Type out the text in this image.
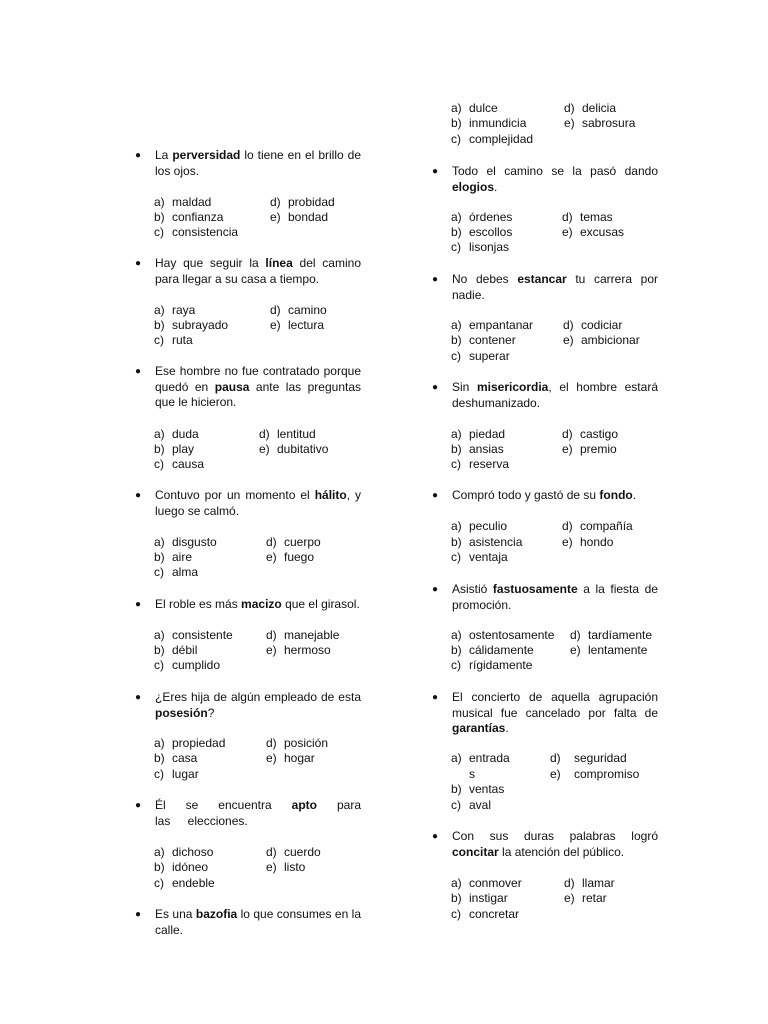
● La perversidad lo tiene en el brillo de los ojos.
a) maldad
b) confianza
c) consistencia
d) probidad
e) bondad
● Hay que seguir la línea del camino para llegar a su casa a tiempo.
a) raya
b) subrayado
c) ruta
d) camino
e) lectura
● Ese hombre no fue contratado porque quedó en pausa ante las preguntas que le hicieron.
a) duda
b) play
c) causa
d) lentitud
e) dubitativo
● Contuvo por un momento el hálito, y luego se calmó.
a) disgusto
b) aire
c) alma
d) cuerpo
e) fuego
● El roble es más macizo que el girasol.
a) consistente
b) débil
c) cumplido
d) manejable
e) hermoso
● ¿Eres hija de algún empleado de esta posesión?
a) propiedad
b) casa
c) lugar
d) posición
e) hogar
● Él se encuentra apto para las elecciones.
a) dichoso
b) idóneo
c) endeble
d) cuerdo
e) listo
● Es una bazofia lo que consumes en la calle.
a) dulce
b) inmundicia
c) complejidad
d) delicia
e) sabrosura
● Todo el camino se la pasó dando elogios.
a) órdenes
b) escollos
c) lisonjas
d) temas
e) excusas
● No debes estancar tu carrera por nadie.
a) empantanar
b) contener
c) superar
d) codiciar
e) ambicionar
● Sin misericordia, el hombre estará deshumanizado.
a) piedad
b) ansias
c) reserva
d) castigo
e) premio
● Compró todo y gastó de su fondo.
a) peculio
b) asistencia
c) ventaja
d) compañía
e) hondo
● Asistió fastuosamente a la fiesta de promoción.
a) ostentosamente
b) cálidamente
c) rígidamente
d) tardíamente
e) lentamente
● El concierto de aquella agrupación musical fue cancelado por falta de garantías.
a) entrada
s
b) ventas
c) aval
d) seguridad
e) compromiso
● Con sus duras palabras logró concitar la atención del público.
a) conmover
b) instigar
c) concretar
d) llamar
e) retar
